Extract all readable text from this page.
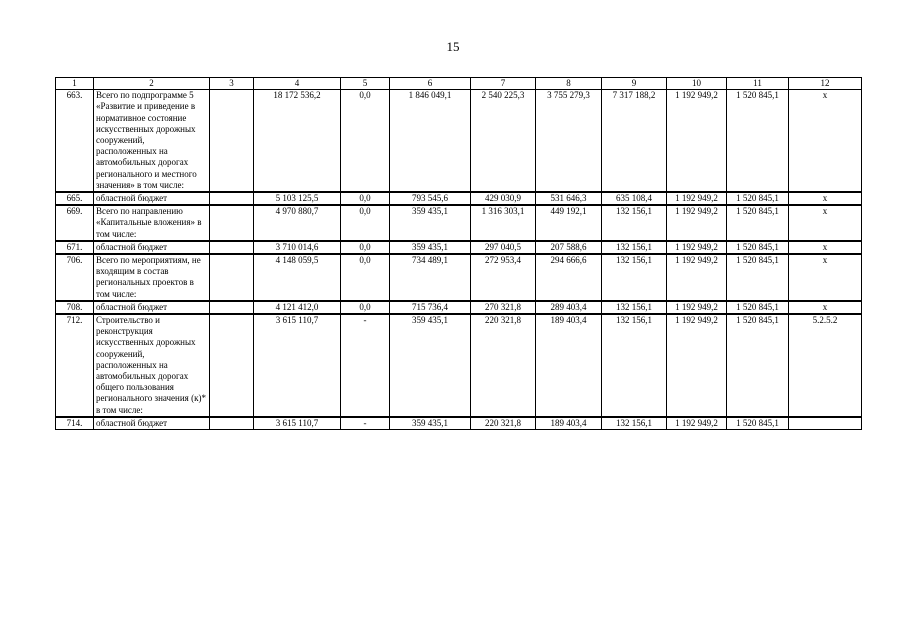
15
1	2	3	4	5	6	7	8	9	10	11	12
663.	Всего по подпрограмме 5 «Развитие и приведение в нормативное состояние искусственных дорожных сооружений, расположенных на автомобильных дорогах регионального и местного значения» в том числе:		18 172 536,2	0,0	1 846 049,1	2 540 225,3	3 755 279,3	7 317 188,2	1 192 949,2	1 520 845,1	х
665.	областной бюджет		5 103 125,5	0,0	793 545,6	429 030,9	531 646,3	635 108,4	1 192 949,2	1 520 845,1	х
669.	Всего по направлению «Капитальные вложения» в том числе:		4 970 880,7	0,0	359 435,1	1 316 303,1	449 192,1	132 156,1	1 192 949,2	1 520 845,1	х
671.	областной бюджет		3 710 014,6	0,0	359 435,1	297 040,5	207 588,6	132 156,1	1 192 949,2	1 520 845,1	х
706.	Всего по мероприятиям, не входящим в состав региональных проектов в том числе:		4 148 059,5	0,0	734 489,1	272 953,4	294 666,6	132 156,1	1 192 949,2	1 520 845,1	х
708.	областной бюджет		4 121 412,0	0,0	715 736,4	270 321,8	289 403,4	132 156,1	1 192 949,2	1 520 845,1	х
712.	Строительство и реконструкция искусственных дорожных сооружений, расположенных на автомобильных дорогах общего пользования регионального значения (к)* в том числе:		3 615 110,7	-	359 435,1	220 321,8	189 403,4	132 156,1	1 192 949,2	1 520 845,1	5.2.5.2
714.	областной бюджет		3 615 110,7	-	359 435,1	220 321,8	189 403,4	132 156,1	1 192 949,2	1 520 845,1	
